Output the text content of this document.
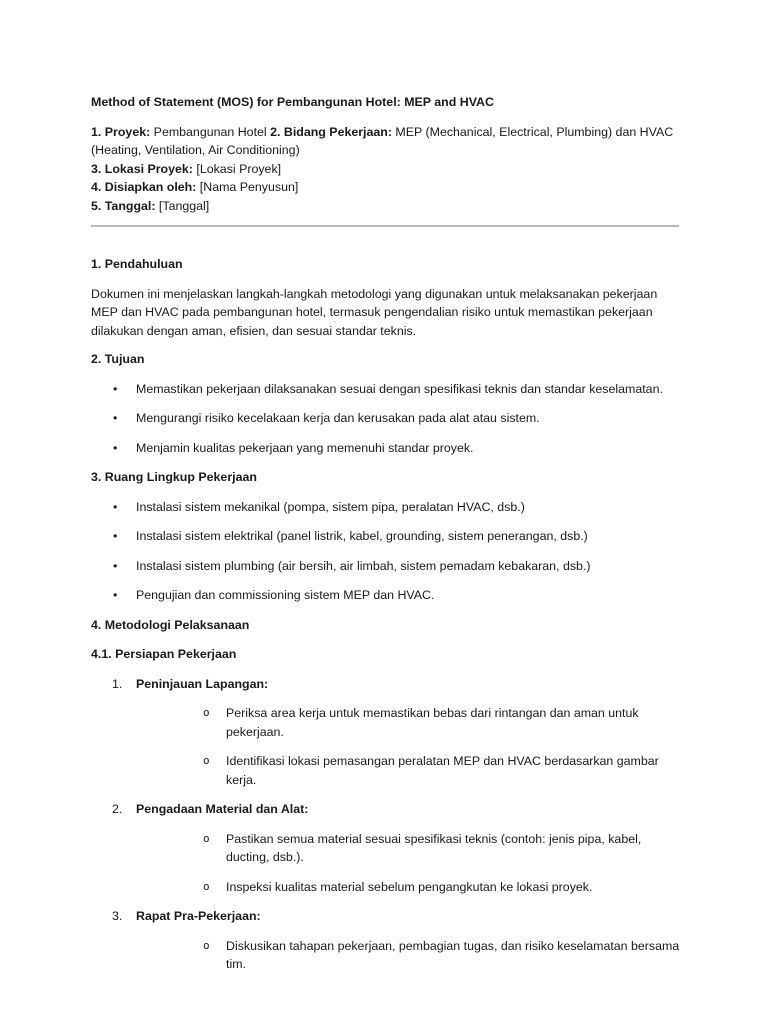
Method of Statement (MOS) for Pembangunan Hotel: MEP and HVAC

1. Proyek: Pembangunan Hotel 2. Bidang Pekerjaan: MEP (Mechanical, Electrical, Plumbing) dan HVAC (Heating, Ventilation, Air Conditioning)

3. Lokasi Proyek: [Lokasi Proyek]

4. Disiapkan oleh: [Nama Penyusun]

5. Tanggal: [Tanggal]

1. Pendahuluan

Dokumen ini menjelaskan langkah-langkah metodologi yang digunakan untuk melaksanakan pekerjaan MEP dan HVAC pada pembangunan hotel, termasuk pengendalian risiko untuk memastikan pekerjaan dilakukan dengan aman, efisien, dan sesuai standar teknis.

2. Tujuan
• Memastikan pekerjaan dilaksanakan sesuai dengan spesifikasi teknis dan standar keselamatan.
• Mengurangi risiko kecelakaan kerja dan kerusakan pada alat atau sistem.
• Menjamin kualitas pekerjaan yang memenuhi standar proyek.
3. Ruang Lingkup Pekerjaan
• Instalasi sistem mekanikal (pompa, sistem pipa, peralatan HVAC, dsb.)
• Instalasi sistem elektrikal (panel listrik, kabel, grounding, sistem penerangan, dsb.)
• Instalasi sistem plumbing (air bersih, air limbah, sistem pemadam kebakaran, dsb.)
• Pengujian dan commissioning sistem MEP dan HVAC.
4. Metodologi Pelaksanaan
4.1. Persiapan Pekerjaan
1. Peninjauan Lapangan:
o Periksa area kerja untuk memastikan bebas dari rintangan dan aman untuk pekerjaan.
o Identifikasi lokasi pemasangan peralatan MEP dan HVAC berdasarkan gambar kerja.
2. Pengadaan Material dan Alat:
o Pastikan semua material sesuai spesifikasi teknis (contoh: jenis pipa, kabel, ducting, dsb.).
o Inspeksi kualitas material sebelum pengangkutan ke lokasi proyek.
3. Rapat Pra-Pekerjaan:
o Diskusikan tahapan pekerjaan, pembagian tugas, dan risiko keselamatan bersama tim.
